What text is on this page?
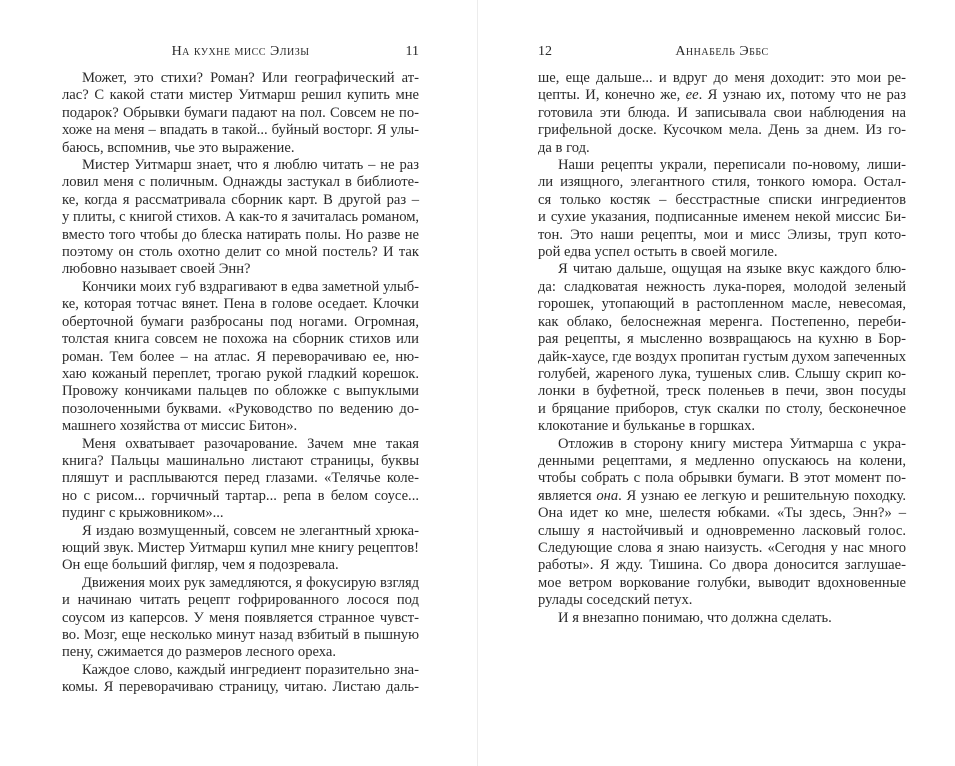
На кухне мисс Элизы	11
Может, это стихи? Роман? Или географический ат-
лас? С какой стати мистер Уитмарш решил купить мне
подарок? Обрывки бумаги падают на пол. Совсем не по-
хоже на меня – впадать в такой... буйный восторг. Я улы-
баюсь, вспомнив, чье это выражение.
Мистер Уитмарш знает, что я люблю читать – не раз
ловил меня с поличным. Однажды застукал в библиоте-
ке, когда я рассматривала сборник карт. В другой раз –
у плиты, с книгой стихов. А как-то я зачиталась романом,
вместо того чтобы до блеска натирать полы. Но разве не
поэтому он столь охотно делит со мной постель? И так
любовно называет своей Энн?
Кончики моих губ вздрагивают в едва заметной улыб-
ке, которая тотчас вянет. Пена в голове оседает. Клочки
оберточной бумаги разбросаны под ногами. Огромная,
толстая книга совсем не похожа на сборник стихов или
роман. Тем более – на атлас. Я переворачиваю ее, ню-
хаю кожаный переплет, трогаю рукой гладкий корешок.
Провожу кончиками пальцев по обложке с выпуклыми
позолоченными буквами. «Руководство по ведению до-
машнего хозяйства от миссис Битон».
Меня охватывает разочарование. Зачем мне такая
книга? Пальцы машинально листают страницы, буквы
пляшут и расплываются перед глазами. «Телячье коле-
но с рисом... горчичный тартар... репа в белом соусе...
пудинг с крыжовником»...
Я издаю возмущенный, совсем не элегантный хрюка-
ющий звук. Мистер Уитмарш купил мне книгу рецептов!
Он еще больший фигляр, чем я подозревала.
Движения моих рук замедляются, я фокусирую взгляд
и начинаю читать рецепт гофрированного лосося под
соусом из каперсов. У меня появляется странное чувст-
во. Мозг, еще несколько минут назад взбитый в пышную
пену, сжимается до размеров лесного ореха.
Каждое слово, каждый ингредиент поразительно зна-
комы. Я переворачиваю страницу, читаю. Листаю даль-
12	Аннабель Эббс
ше, еще дальше... и вдруг до меня доходит: это мои ре-
цепты. И, конечно же, ее. Я узнаю их, потому что не раз
готовила эти блюда. И записывала свои наблюдения на
грифельной доске. Кусочком мела. День за днем. Из го-
да в год.
Наши рецепты украли, переписали по-новому, лиши-
ли изящного, элегантного стиля, тонкого юмора. Остал-
ся только костяк – бесстрастные списки ингредиентов
и сухие указания, подписанные именем некой миссис Би-
тон. Это наши рецепты, мои и мисс Элизы, труп кото-
рой едва успел остыть в своей могиле.
Я читаю дальше, ощущая на языке вкус каждого блю-
да: сладковатая нежность лука-порея, молодой зеленый
горошек, утопающий в растопленном масле, невесомая,
как облако, белоснежная меренга. Постепенно, переби-
рая рецепты, я мысленно возвращаюсь на кухню в Бор-
дайк-хаусе, где воздух пропитан густым духом запеченных
голубей, жареного лука, тушеных слив. Слышу скрип ко-
лонки в буфетной, треск поленьев в печи, звон посуды
и бряцание приборов, стук скалки по столу, бесконечное
клокотание и бульканье в горшках.
Отложив в сторону книгу мистера Уитмарша с укра-
денными рецептами, я медленно опускаюсь на колени,
чтобы собрать с пола обрывки бумаги. В этот момент по-
является она. Я узнаю ее легкую и решительную походку.
Она идет ко мне, шелестя юбками. «Ты здесь, Энн?» –
слышу я настойчивый и одновременно ласковый голос.
Следующие слова я знаю наизусть. «Сегодня у нас много
работы». Я жду. Тишина. Со двора доносится заглушае-
мое ветром воркование голубки, выводит вдохновенные
рулады соседский петух.
И я внезапно понимаю, что должна сделать.
